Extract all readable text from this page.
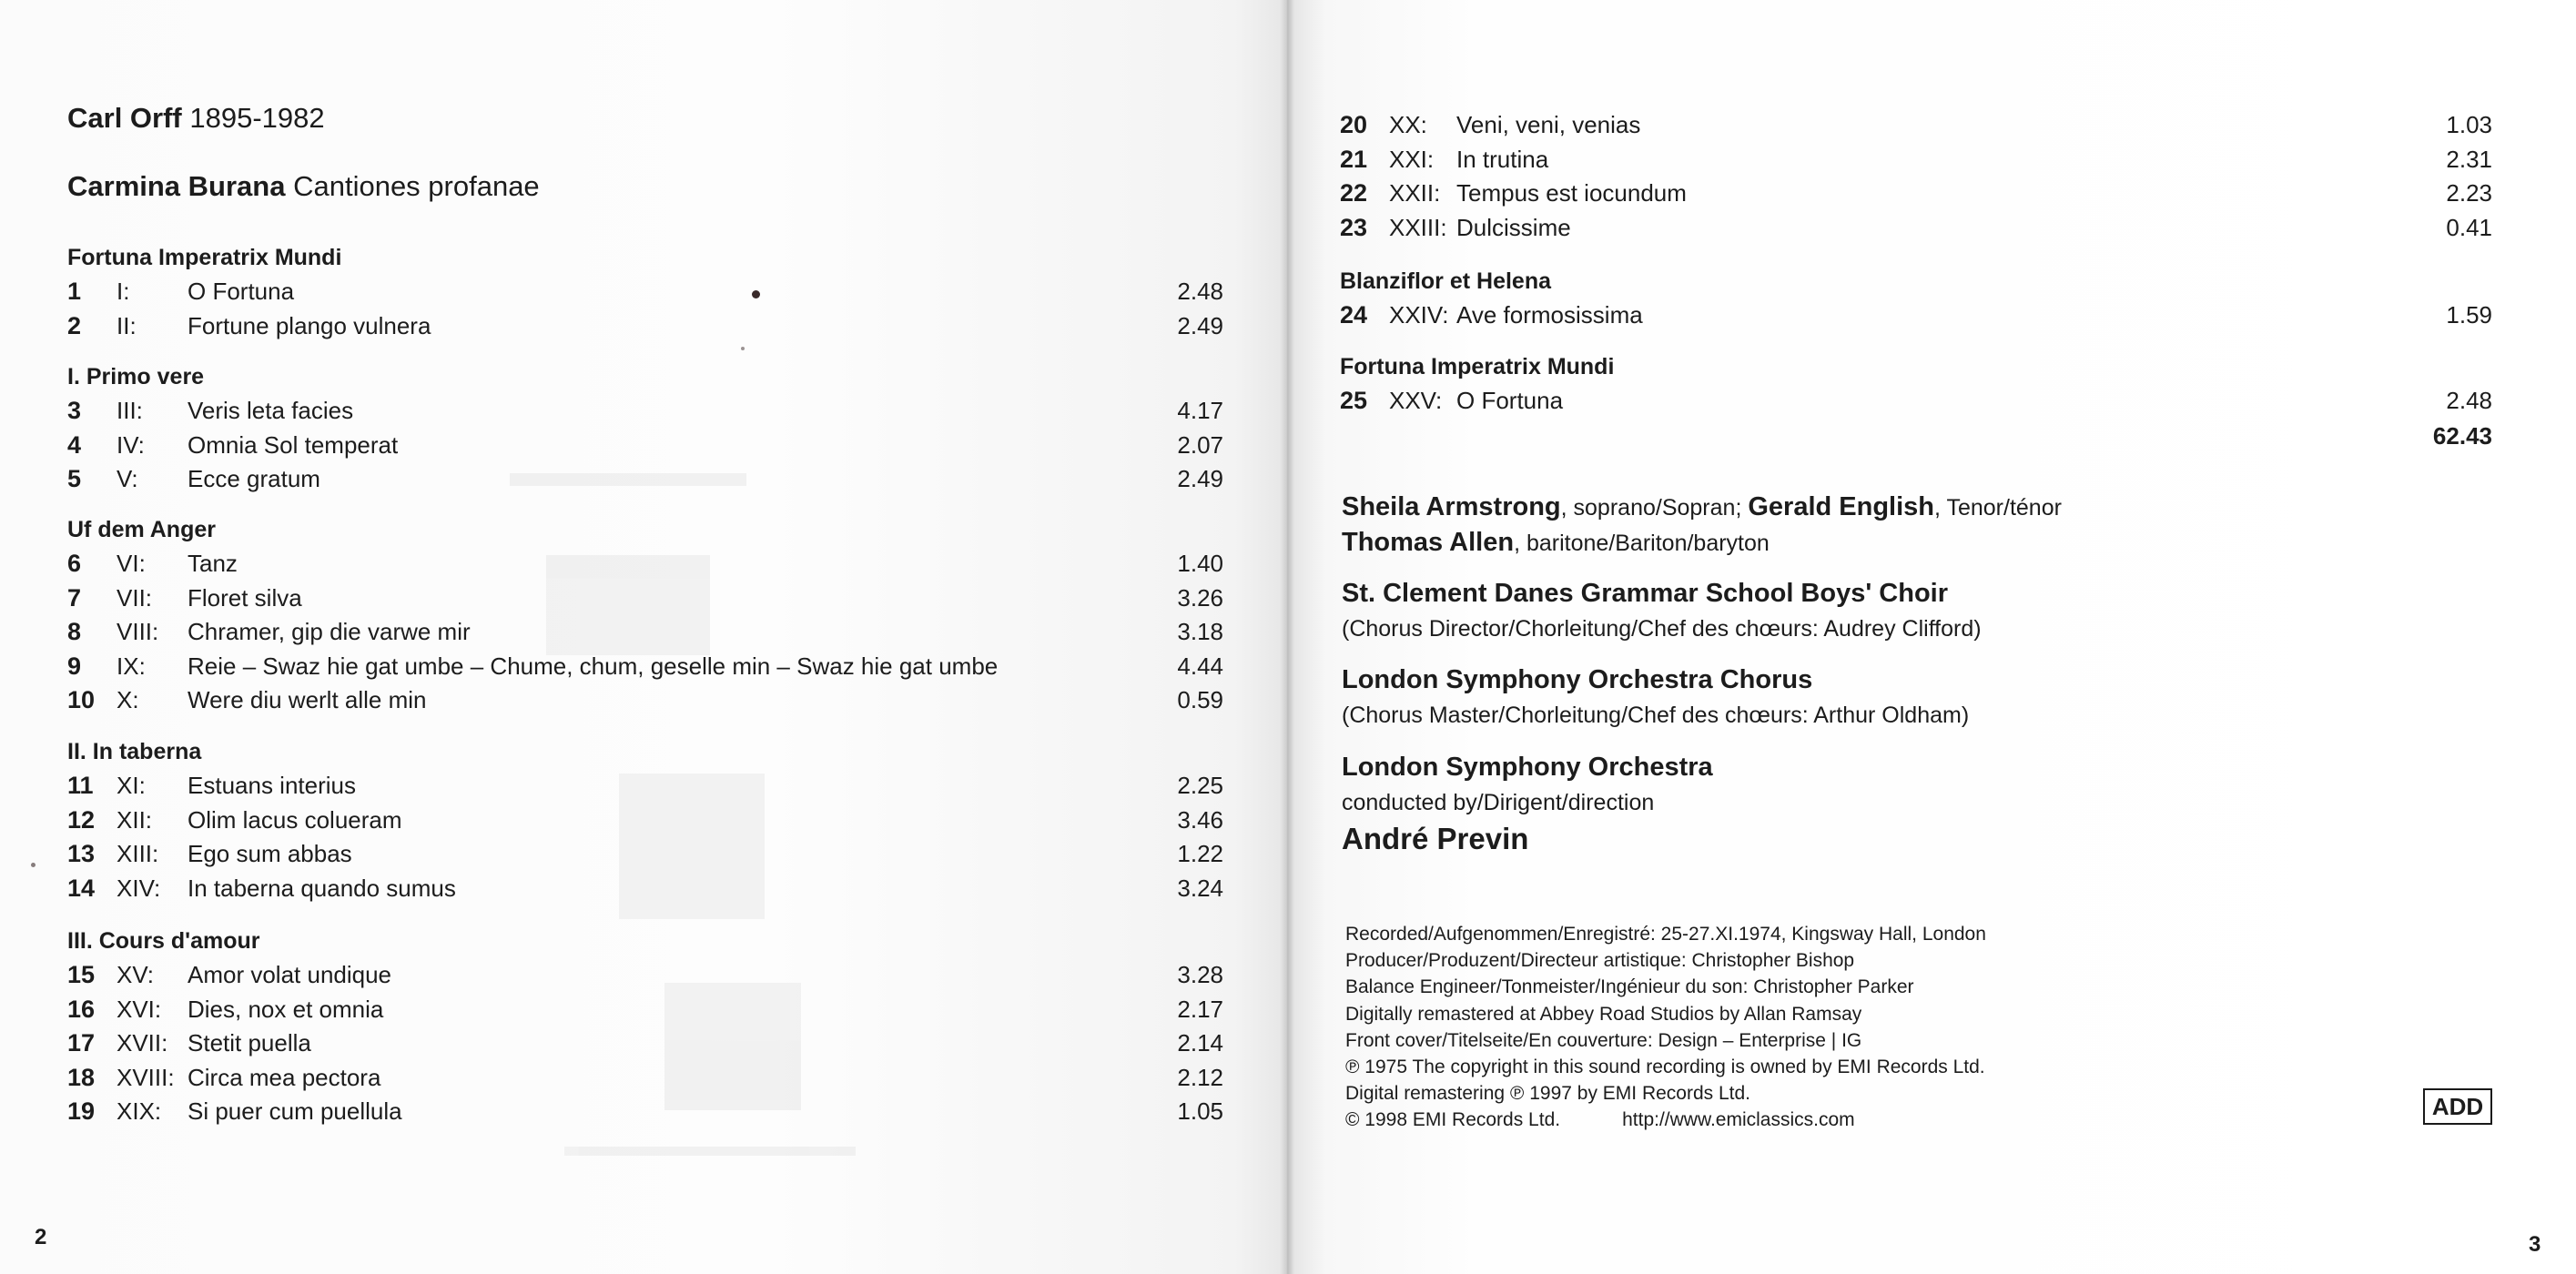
Carl Orff 1895-1982
Carmina Burana Cantiones profanae
Fortuna Imperatrix Mundi
1 I: O Fortuna	2.48
2 II: Fortune plango vulnera	2.49
I. Primo vere
3 III: Veris leta facies	4.17
4 IV: Omnia Sol temperat	2.07
5 V: Ecce gratum	2.49
Uf dem Anger
6 VI: Tanz	1.40
7 VII: Floret silva	3.26
8 VIII: Chramer, gip die varwe mir	3.18
9 IX: Reie – Swaz hie gat umbe – Chume, chum, geselle min – Swaz hie gat umbe	4.44
10 X: Were diu werlt alle min	0.59
II. In taberna
11 XI: Estuans interius	2.25
12 XII: Olim lacus colueram	3.46
13 XIII: Ego sum abbas	1.22
14 XIV: In taberna quando sumus	3.24
III. Cours d'amour
15 XV: Amor volat undique	3.28
16 XVI: Dies, nox et omnia	2.17
17 XVII: Stetit puella	2.14
18 XVIII: Circa mea pectora	2.12
19 XIX: Si puer cum puellula	1.05
2
20 XX: Veni, veni, venias	1.03
21 XXI: In trutina	2.31
22 XXII: Tempus est iocundum	2.23
23 XXIII: Dulcissime	0.41
Blanziflor et Helena
24 XXIV: Ave formosissima	1.59
Fortuna Imperatrix Mundi
25 XXV: O Fortuna	2.48
62.43
Sheila Armstrong, soprano/Sopran; Gerald English, Tenor/ténor
Thomas Allen, baritone/Bariton/baryton
St. Clement Danes Grammar School Boys' Choir
(Chorus Director/Chorleitung/Chef des chœurs: Audrey Clifford)
London Symphony Orchestra Chorus
(Chorus Master/Chorleitung/Chef des chœurs: Arthur Oldham)
London Symphony Orchestra
conducted by/Dirigent/direction
André Previn
Recorded/Aufgenommen/Enregistré: 25-27.XI.1974, Kingsway Hall, London
Producer/Produzent/Directeur artistique: Christopher Bishop
Balance Engineer/Tonmeister/Ingénieur du son: Christopher Parker
Digitally remastered at Abbey Road Studios by Allan Ramsay
Front cover/Titelseite/En couverture: Design – Enterprise | IG
℗ 1975 The copyright in this sound recording is owned by EMI Records Ltd.
Digital remastering ℗ 1997 by EMI Records Ltd.
© 1998 EMI Records Ltd.	http://www.emiclassics.com	ADD
3
